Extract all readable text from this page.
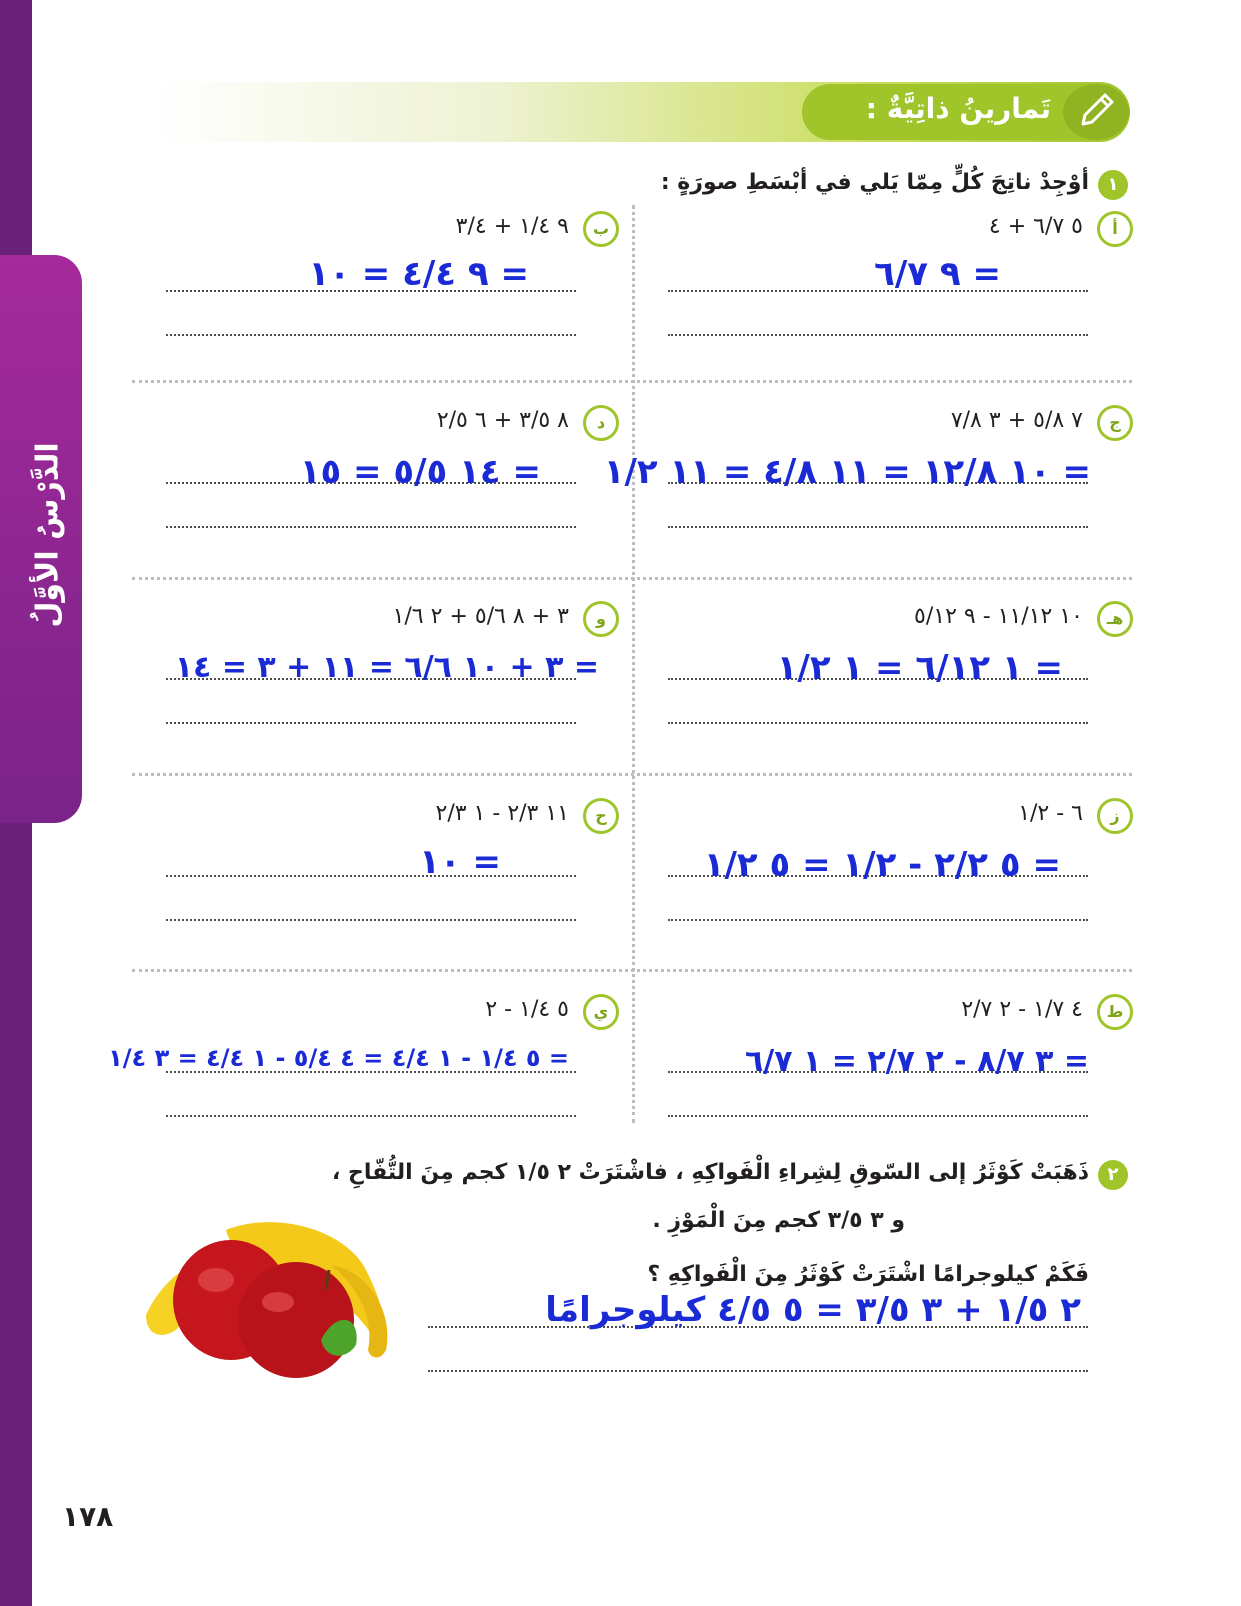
الدَّرْسُ الأوَّلُ
تَمارينُ ذاتِيَّةٌ :
١
أوْجِدْ ناتِجَ كُلٍّ مِمّا يَلي في أبْسَطِ صورَةٍ :
أ
٥ ٦/٧ + ٤
= ٩ ٦/٧
ب
٩ ١/٤ + ٣/٤
= ٩ ٤/٤ = ١٠
ج
٧ ٥/٨ + ٣ ٧/٨
= ١٠ ١٢/٨ = ١١ ٤/٨ = ١١ ١/٢
د
٨ ٣/٥ + ٦ ٢/٥
= ١٤ ٥/٥ = ١٥
هـ
١٠ ١١/١٢ - ٩ ٥/١٢
= ١ ٦/١٢ = ١ ١/٢
و
٣ + ٨ ٥/٦ + ٢ ١/٦
= ٣ + ١٠ ٦/٦ = ١١ + ٣ = ١٤
ز
٦ - ١/٢
= ٥ ٢/٢ - ١/٢ = ٥ ١/٢
ح
١١ ٢/٣ - ١ ٢/٣
= ١٠
ط
٤ ١/٧ - ٢ ٢/٧
= ٣ ٨/٧ - ٢ ٢/٧ = ١ ٦/٧
ي
٥ ١/٤ - ٢
= ٥ ١/٤ - ١ ٤/٤ = ٤ ٥/٤ - ١ ٤/٤ = ٣ ١/٤
٢
ذَهَبَتْ كَوْثَرُ إلى السّوقِ لِشِراءِ الْفَواكِهِ ، فاشْتَرَتْ ٢ ١/٥ كجم مِنَ التُّفّاحِ ،
و ٣ ٣/٥ كجم مِنَ الْمَوْزِ .
فَكَمْ كيلوجرامًا اشْتَرَتْ كَوْثَرُ مِنَ الْفَواكِهِ ؟
٢ ١/٥ + ٣ ٣/٥ = ٥ ٤/٥ كيلوجرامًا
١٧٨
